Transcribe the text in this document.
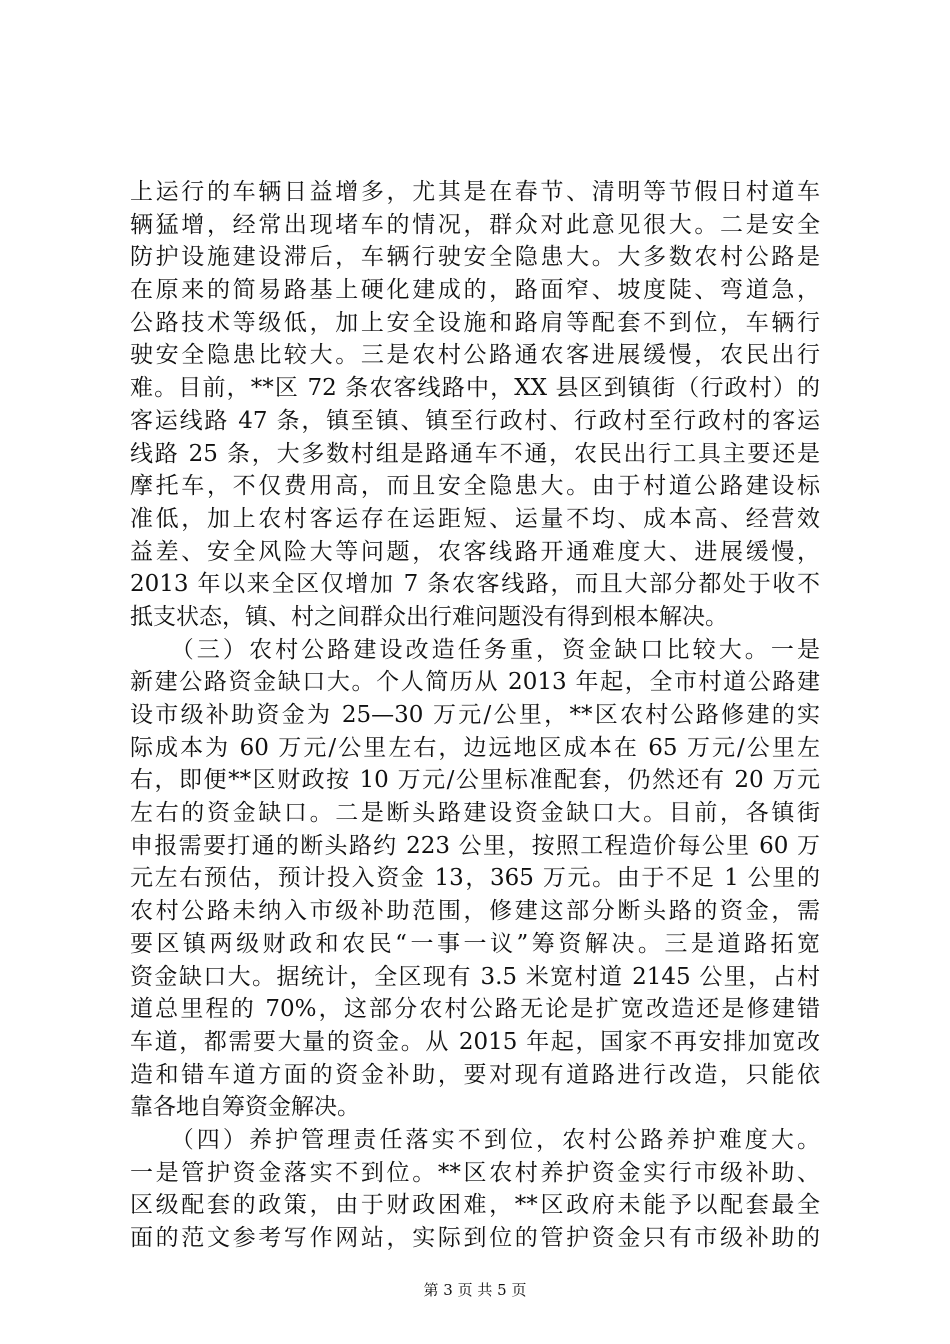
上运行的车辆日益增多，尤其是在春节、清明等节假日村道车
辆猛增，经常出现堵车的情况，群众对此意见很大。二是安全
防护设施建设滞后，车辆行驶安全隐患大。大多数农村公路是
在原来的简易路基上硬化建成的，路面窄、坡度陡、弯道急，
公路技术等级低，加上安全设施和路肩等配套不到位，车辆行
驶安全隐患比较大。三是农村公路通农客进展缓慢，农民出行
难。目前，**区 72 条农客线路中，XX 县区到镇街（行政村）的
客运线路 47 条，镇至镇、镇至行政村、行政村至行政村的客运
线路 25 条，大多数村组是路通车不通，农民出行工具主要还是
摩托车，不仅费用高，而且安全隐患大。由于村道公路建设标
准低，加上农村客运存在运距短、运量不均、成本高、经营效
益差、安全风险大等问题，农客线路开通难度大、进展缓慢，
2013 年以来全区仅增加 7 条农客线路，而且大部分都处于收不
抵支状态，镇、村之间群众出行难问题没有得到根本解决。
　　（三）农村公路建设改造任务重，资金缺口比较大。一是
新建公路资金缺口大。个人简历从 2013 年起，全市村道公路建
设市级补助资金为 25—30 万元/公里，**区农村公路修建的实
际成本为 60 万元/公里左右，边远地区成本在 65 万元/公里左
右，即便**区财政按 10 万元/公里标准配套，仍然还有 20 万元
左右的资金缺口。二是断头路建设资金缺口大。目前，各镇街
申报需要打通的断头路约 223 公里，按照工程造价每公里 60 万
元左右预估，预计投入资金 13，365 万元。由于不足 1 公里的
农村公路未纳入市级补助范围，修建这部分断头路的资金，需
要区镇两级财政和农民“一事一议”筹资解决。三是道路拓宽
资金缺口大。据统计，全区现有 3.5 米宽村道 2145 公里，占村
道总里程的 70%，这部分农村公路无论是扩宽改造还是修建错
车道，都需要大量的资金。从 2015 年起，国家不再安排加宽改
造和错车道方面的资金补助，要对现有道路进行改造，只能依
靠各地自筹资金解决。
　　（四）养护管理责任落实不到位，农村公路养护难度大。
一是管护资金落实不到位。**区农村养护资金实行市级补助、
区级配套的政策，由于财政困难，**区政府未能予以配套最全
面的范文参考写作网站，实际到位的管护资金只有市级补助的
第 3 页 共 5 页
